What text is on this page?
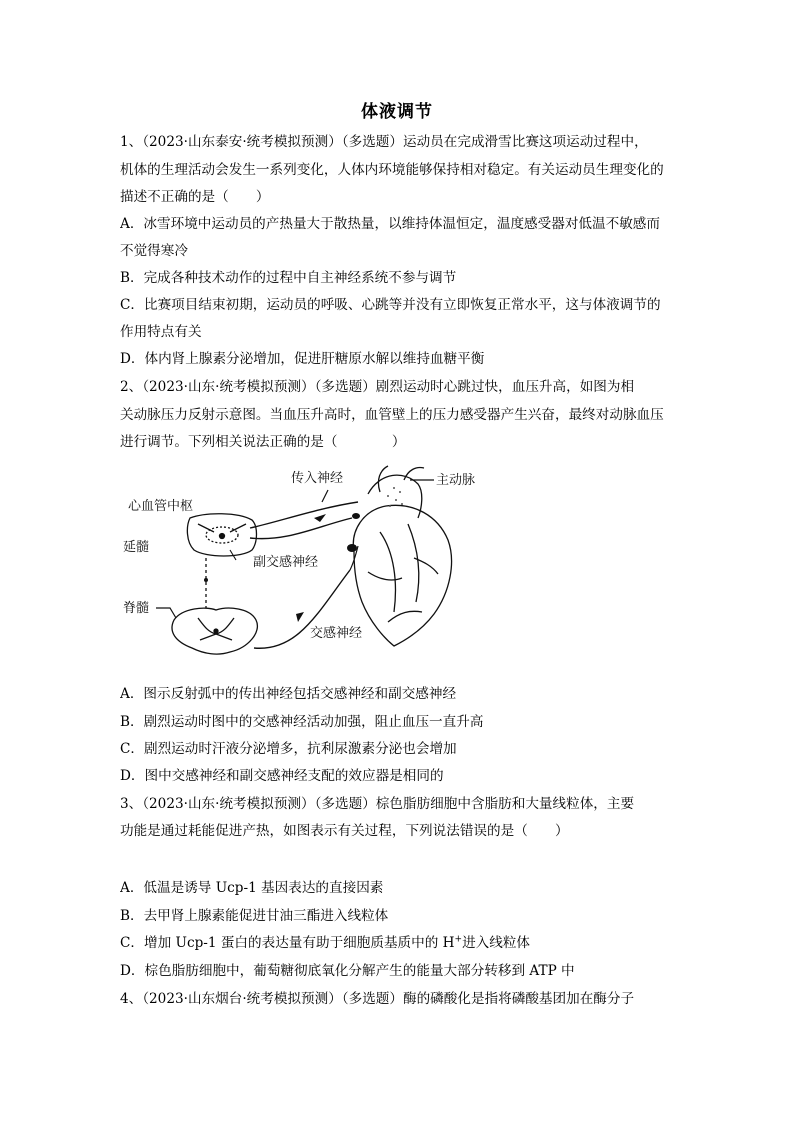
体液调节
1、（2023·山东泰安·统考模拟预测）（多选题）运动员在完成滑雪比赛这项运动过程中，
机体的生理活动会发生一系列变化，人体内环境能够保持相对稳定。有关运动员生理变化的
描述不正确的是（　　）
A．冰雪环境中运动员的产热量大于散热量，以维持体温恒定，温度感受器对低温不敏感而
不觉得寒冷
B．完成各种技术动作的过程中自主神经系统不参与调节
C．比赛项目结束初期，运动员的呼吸、心跳等并没有立即恢复正常水平，这与体液调节的
作用特点有关
D．体内肾上腺素分泌增加，促进肝糖原水解以维持血糖平衡
2、（2023·山东·统考模拟预测）（多选题）剧烈运动时心跳过快，血压升高，如图为相
关动脉压力反射示意图。当血压升高时，血管壁上的压力感受器产生兴奋，最终对动脉血压
进行调节。下列相关说法正确的是（　　　　）
传入神经	主动脉
心血管中枢
延髓
副交感神经
脊髓
交感神经
A．图示反射弧中的传出神经包括交感神经和副交感神经
B．剧烈运动时图中的交感神经活动加强，阻止血压一直升高
C．剧烈运动时汗液分泌增多，抗利尿激素分泌也会增加
D．图中交感神经和副交感神经支配的效应器是相同的
3、（2023·山东·统考模拟预测）（多选题）棕色脂肪细胞中含脂肪和大量线粒体，主要
功能是通过耗能促进产热，如图表示有关过程，下列说法错误的是（　　）
A．低温是诱导 Ucp-1 基因表达的直接因素
B．去甲肾上腺素能促进甘油三酯进入线粒体
C．增加 Ucp-1 蛋白的表达量有助于细胞质基质中的 H+进入线粒体
D．棕色脂肪细胞中，葡萄糖彻底氧化分解产生的能量大部分转移到 ATP 中
4、（2023·山东烟台·统考模拟预测）（多选题）酶的磷酸化是指将磷酸基团加在酶分子
